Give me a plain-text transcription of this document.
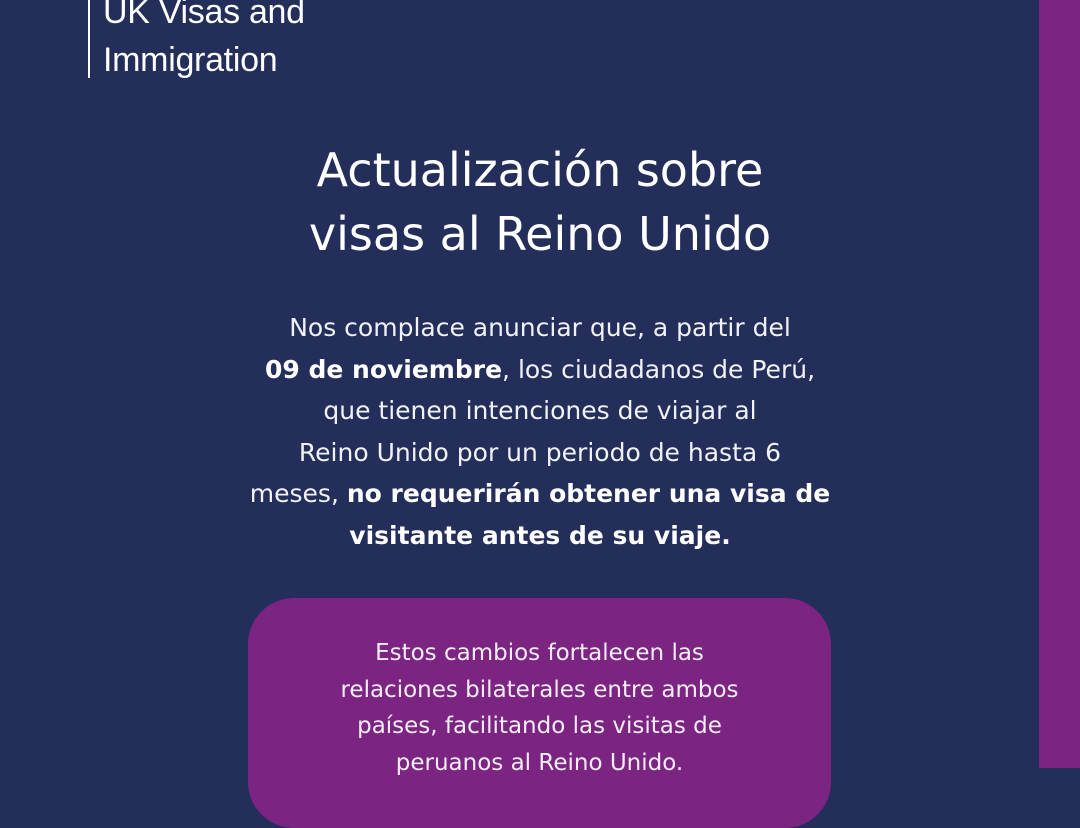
UK Visas and
Immigration
Actualización sobre
visas al Reino Unido
Nos complace anunciar que, a partir del
09 de noviembre, los ciudadanos de Perú,
que tienen intenciones de viajar al
Reino Unido por un periodo de hasta 6
meses, no requerirán obtener una visa de
visitante antes de su viaje.
Estos cambios fortalecen las
relaciones bilaterales entre ambos
países, facilitando las visitas de
peruanos al Reino Unido.
